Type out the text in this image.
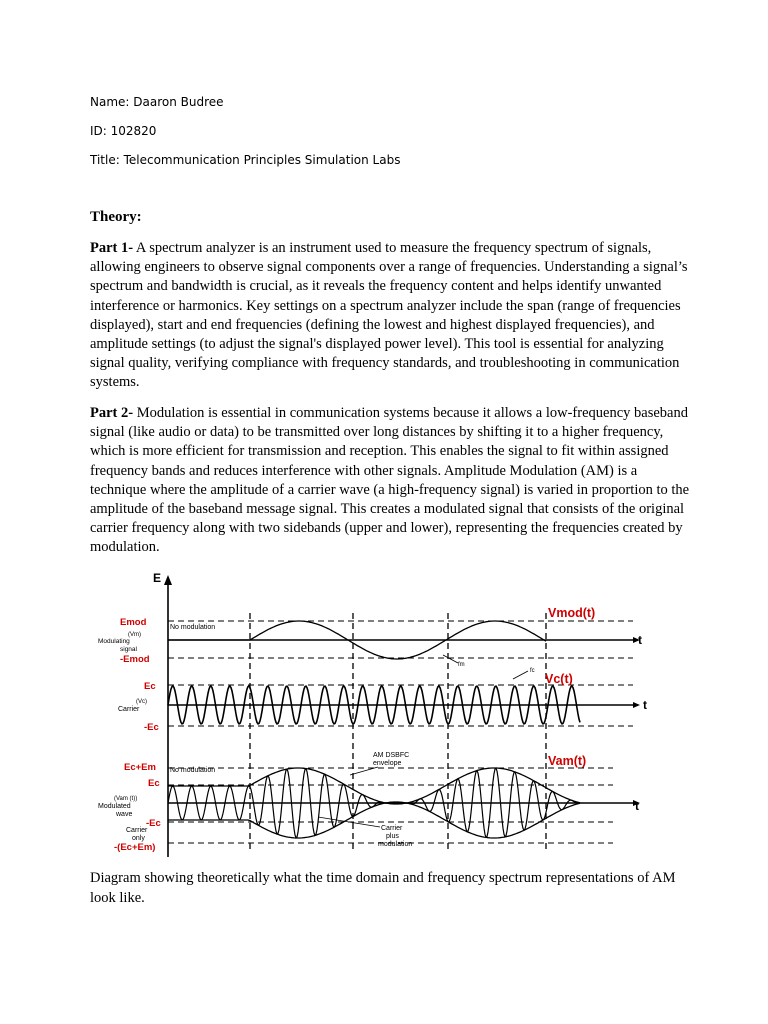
Name: Daaron Budree
ID: 102820
Title: Telecommunication Principles Simulation Labs
Theory:
Part 1- A spectrum analyzer is an instrument used to measure the frequency spectrum of signals, allowing engineers to observe signal components over a range of frequencies. Understanding a signal’s spectrum and bandwidth is crucial, as it reveals the frequency content and helps identify unwanted interference or harmonics. Key settings on a spectrum analyzer include the span (range of frequencies displayed), start and end frequencies (defining the lowest and highest displayed frequencies), and amplitude settings (to adjust the signal's displayed power level). This tool is essential for analyzing signal quality, verifying compliance with frequency standards, and troubleshooting in communication systems.
Part 2- Modulation is essential in communication systems because it allows a low-frequency baseband signal (like audio or data) to be transmitted over long distances by shifting it to a higher frequency, which is more efficient for transmission and reception. This enables the signal to fit within assigned frequency bands and reduces interference with other signals. Amplitude Modulation (AM) is a technique where the amplitude of a carrier wave (a high-frequency signal) is varied in proportion to the amplitude of the baseband message signal. This creates a modulated signal that consists of the original carrier frequency along with two sidebands (upper and lower), representing the frequencies created by modulation.
E
t
t
t
Emod
(Vm)
Modulating
signal
-Emod
No modulation
Vmod(t)
fm
fc
Ec
(Vc)
Carrier
-Ec
Vc(t)
Ec+Em
Ec
(Vam (t))
Modulated
wave
-Ec
Carrier
only
-(Ec+Em)
No modulation
AM DSBFC
envelope	Vam(t)
Carrier
plus
modulation
Diagram showing theoretically what the time domain and frequency spectrum representations of AM look like.
